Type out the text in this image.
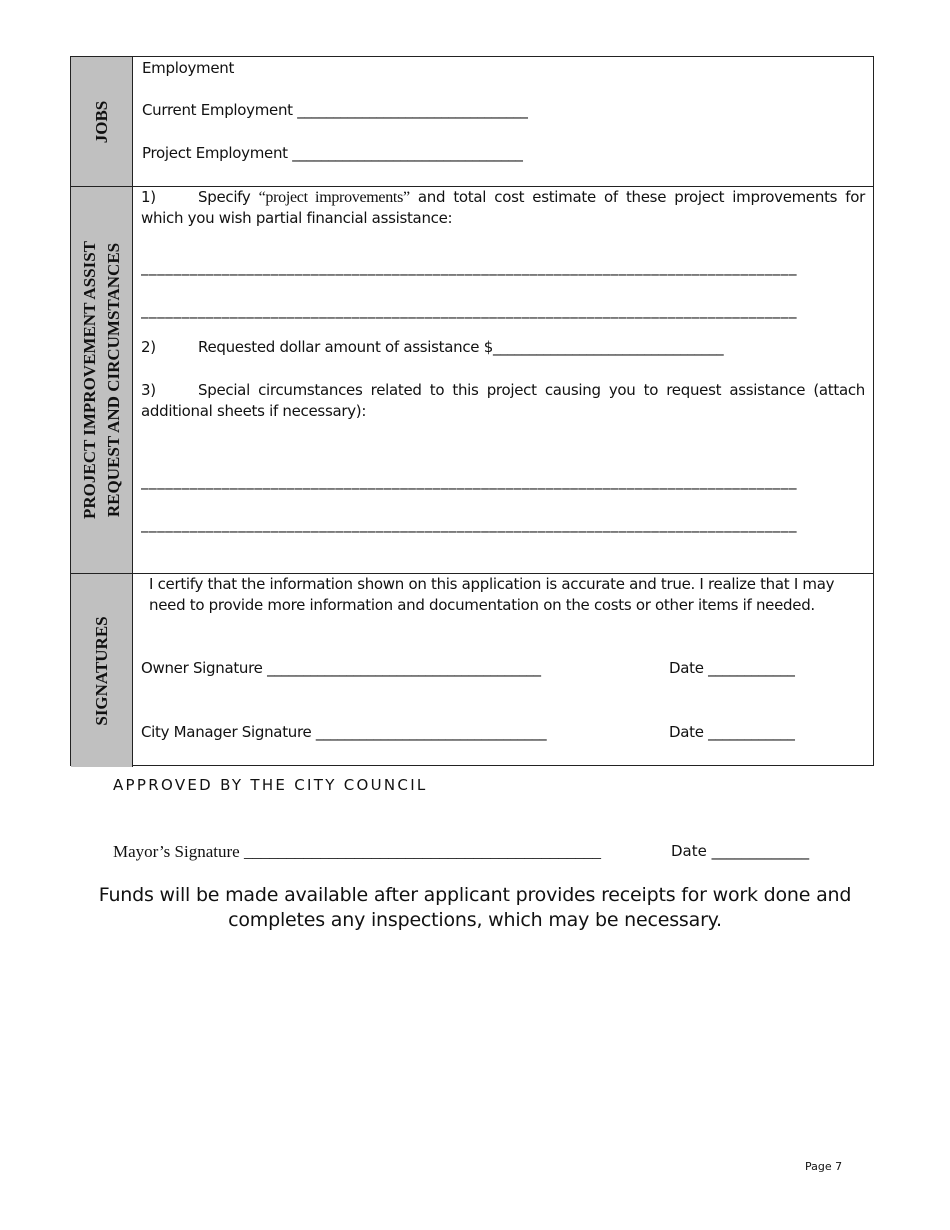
JOBS
Employment
Current Employment ________________________________
Project Employment ________________________________
PROJECT IMPROVEMENT ASSIST REQUEST AND CIRCUMSTANCES
1)	Specify “project improvements” and total cost estimate of these project improvements for which you wish partial financial assistance:
_________________________________________________________________________________
_________________________________________________________________________________
2)	Requested dollar amount of assistance $________________________________
3)	Special circumstances related to this project causing you to request assistance (attach additional sheets if necessary):
_________________________________________________________________________________
_________________________________________________________________________________
SIGNATURES
I certify that the information shown on this application is accurate and true. I realize that I may need to provide more information and documentation on the costs or other items if needed.
Owner Signature ______________________________________	Date ____________
City Manager Signature ________________________________	Date ____________
APPROVED BY THE CITY COUNCIL
Mayor’s Signature __________________________________________	Date _____________
Funds will be made available after applicant provides receipts for work done and completes any inspections, which may be necessary.
Page 7
